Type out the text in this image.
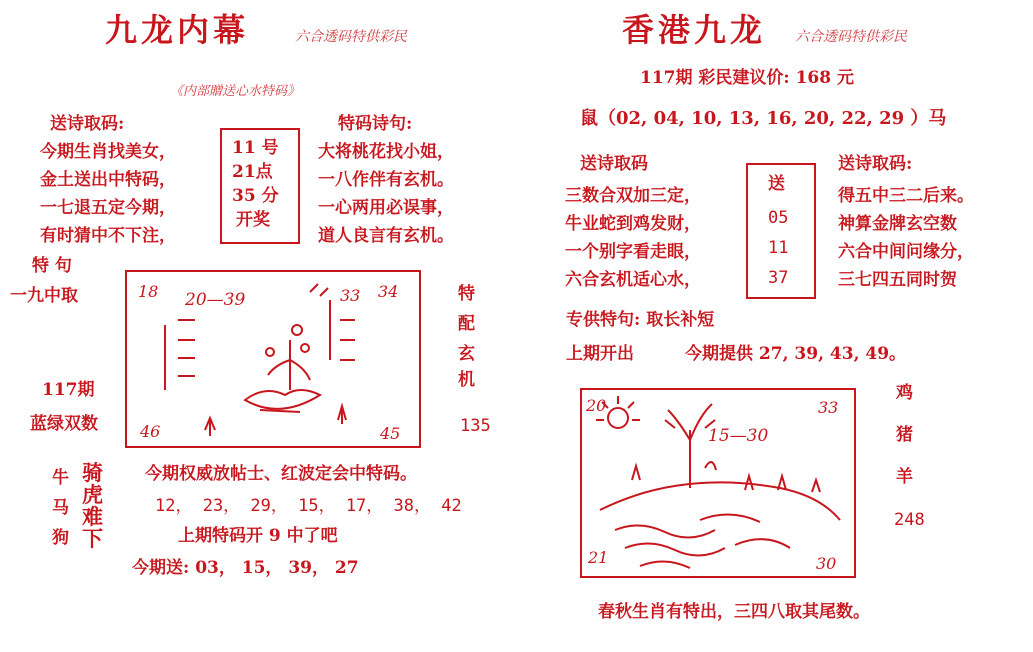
九龙内幕	六合透码特供彩民
《内部贈送心水特码》
送诗取码:
今期生肖找美女，
金土送出中特码，
一七退五定今期，
有时猜中不下注，
11 号
21点
35 分
开奖
特码诗句:
大将桃花找小姐，
一八作伴有玄机。
一心两用必误事，
道人良言有玄机。
特 句
一九中取
117期
蓝绿双数
18	34
46	45
20—39	33	特
配
玄
机
135
牛
马
狗
骑
虎
难
下
今期权威放帖士、红波定会中特码。
12， 23， 29， 15， 17， 38， 42
上期特码开 9 中了吧
今期送: 03， 15， 39， 27
香港九龙 六合透码特供彩民
117期 彩民建议价: 168 元
鼠（02, 04, 10, 13, 16, 20, 22, 29 ）马
送诗取码
三数合双加三定，
牛业蛇到鸡发财，
一个别字看走眼，
六合玄机适心水，
送
05
11
37
送诗取码:
得五中三二后来。
神算金牌玄空数
六合中间问缘分，
三七四五同时贺
专供特句: 取长补短
上期开出	今期提供 27, 39, 43, 49。
20	33
21	30
15—30
鸡
猪
羊
248
春秋生肖有特出，三四八取其尾数。
